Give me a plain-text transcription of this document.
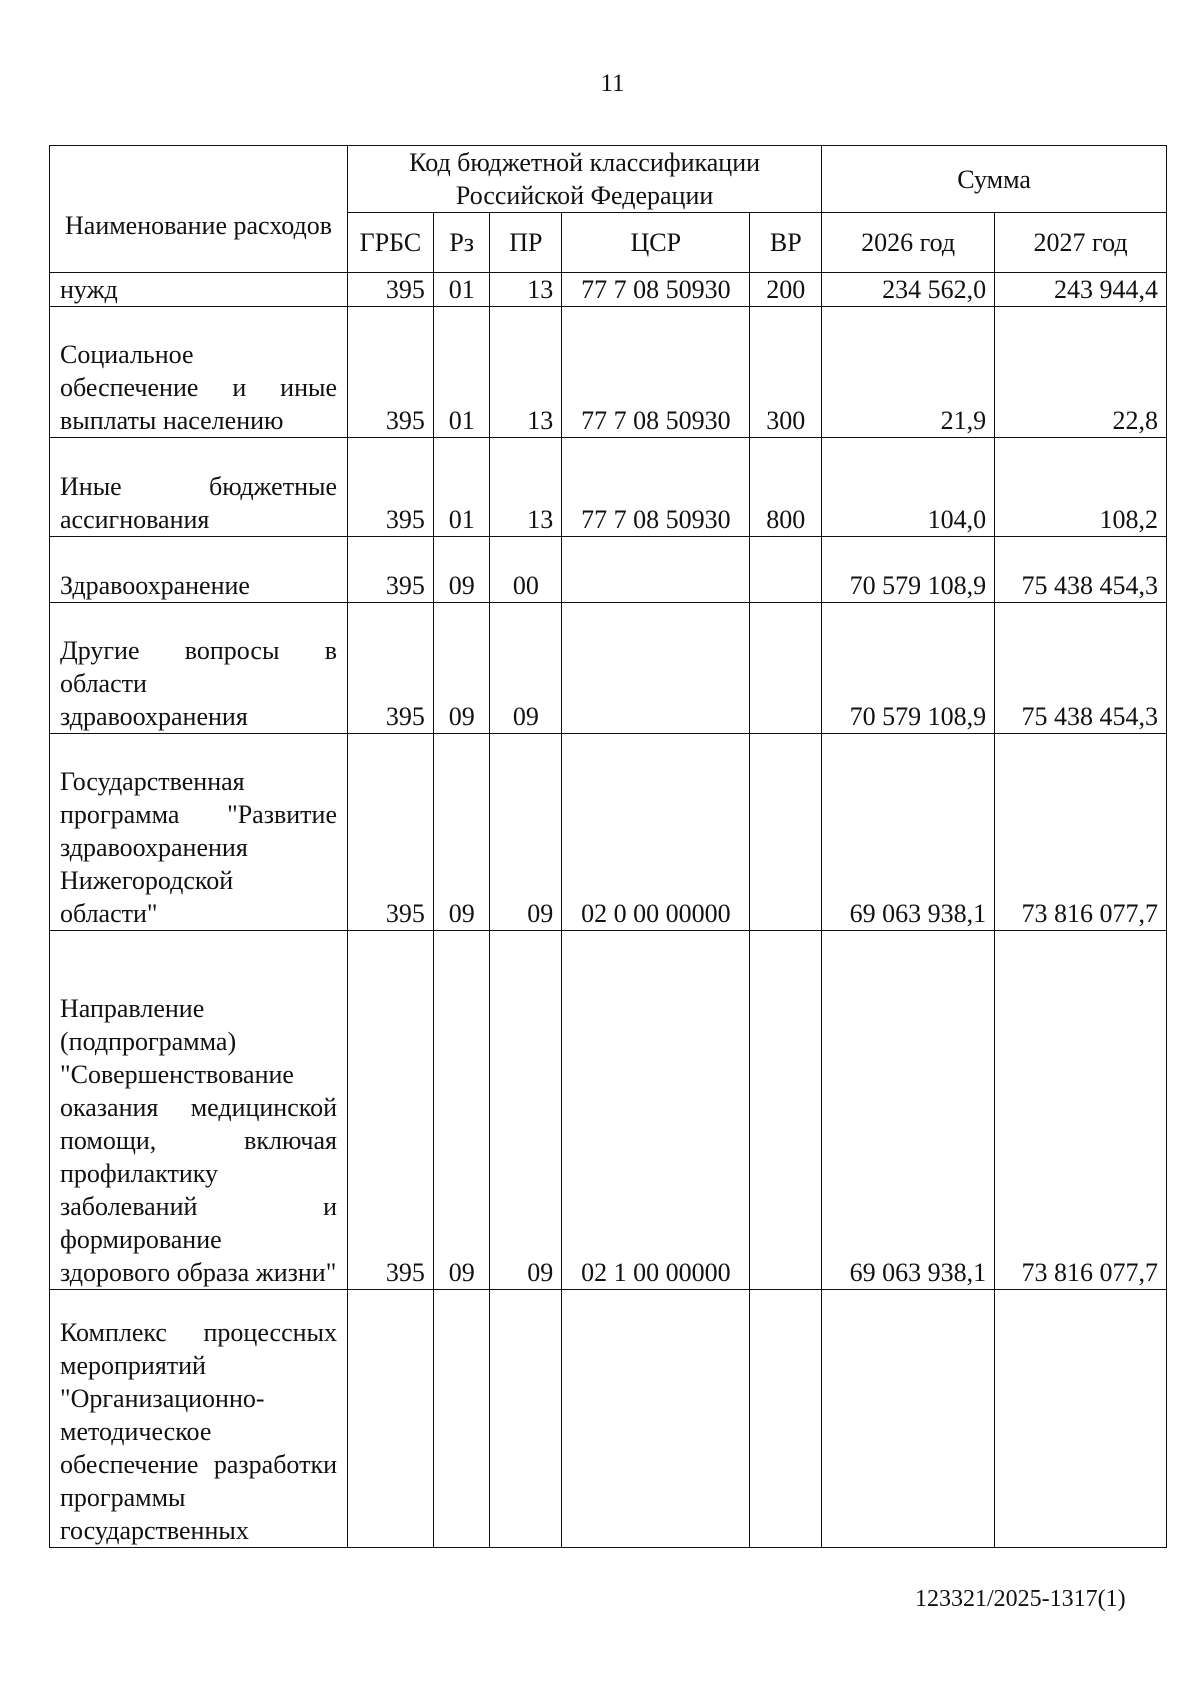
11
Наименование расходов	Код бюджетной классификации Российской Федерации					Сумма	
	ГРБС	Рз	ПР	ЦСР	ВР	2026 год	2027 год
нужд	395	01	13	77 7 08 50930	200	234 562,0	243 944,4
Социальное обеспечение и иные выплаты населению	395	01	13	77 7 08 50930	300	21,9	22,8
Иные бюджетные ассигнования	395	01	13	77 7 08 50930	800	104,0	108,2
Здравоохранение	395	09	00			70 579 108,9	75 438 454,3
Другие вопросы в области здравоохранения	395	09	09			70 579 108,9	75 438 454,3
Государственная программа "Развитие здравоохранения Нижегородской области"	395	09	09	02 0 00 00000		69 063 938,1	73 816 077,7
Направление (подпрограмма) "Совершенствование оказания медицинской помощи, включая профилактику заболеваний и формирование здорового образа жизни"	395	09	09	02 1 00 00000		69 063 938,1	73 816 077,7
Комплекс процессных мероприятий "Организационно-методическое обеспечение разработки программы государственных							
123321/2025-1317(1)
